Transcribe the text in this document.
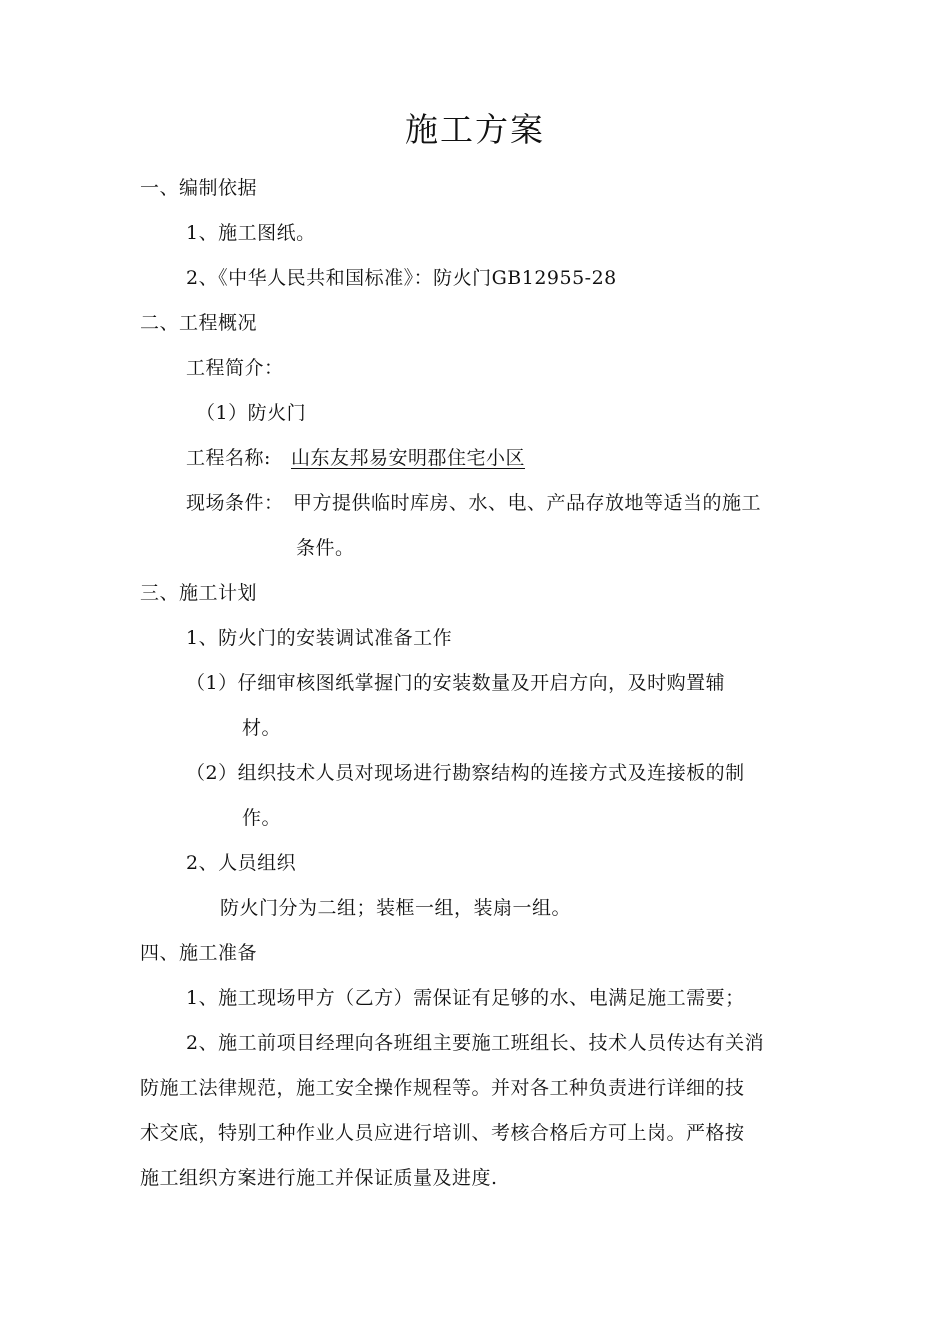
施工方案
一、编制依据
1、施工图纸。
2、《中华人民共和国标准》：防火门GB12955-28
二、工程概况
工程简介：
（1）防火门
工程名称: 山东友邦易安明郡住宅小区
现场条件： 甲方提供临时库房、水、电、产品存放地等适当的施工
条件。
三、施工计划
1、防火门的安装调试准备工作
（1）仔细审核图纸掌握门的安装数量及开启方向，及时购置辅
材。
（2）组织技术人员对现场进行勘察结构的连接方式及连接板的制
作。
2、人员组织
防火门分为二组；装框一组，装扇一组。
四、施工准备
1、施工现场甲方（乙方）需保证有足够的水、电满足施工需要；
2、施工前项目经理向各班组主要施工班组长、技术人员传达有关消
防施工法律规范，施工安全操作规程等。并对各工种负责进行详细的技
术交底，特别工种作业人员应进行培训、考核合格后方可上岗。严格按
施工组织方案进行施工并保证质量及进度.
